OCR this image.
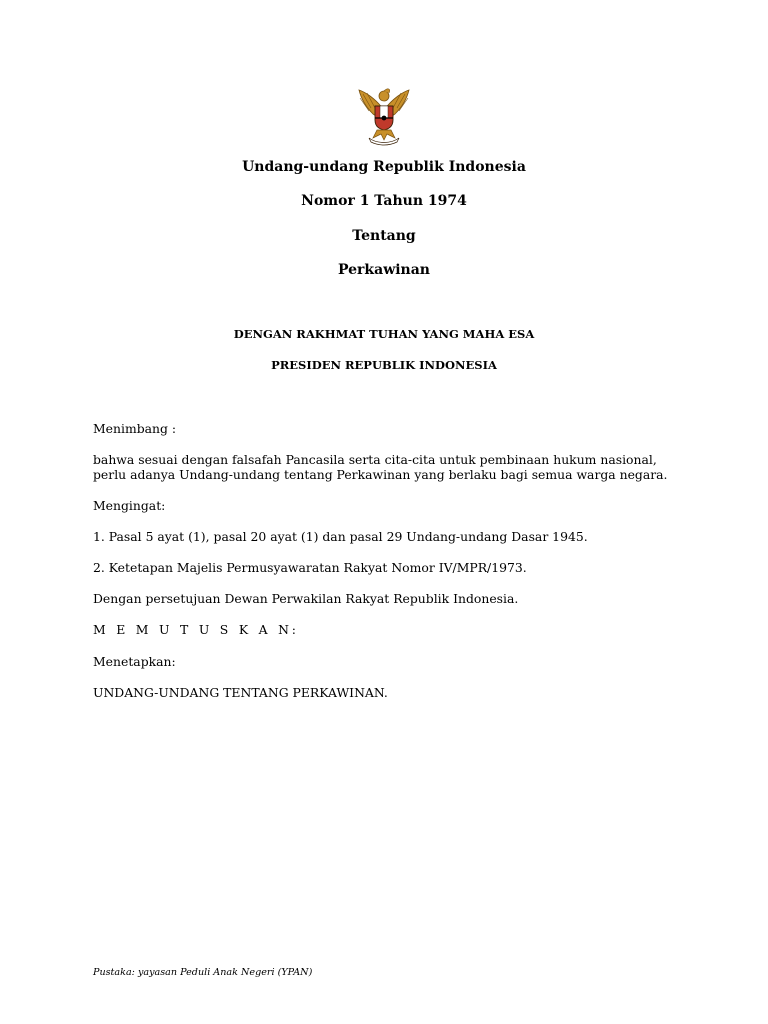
Undang-undang Republik Indonesia
Nomor 1 Tahun 1974
Tentang
Perkawinan
DENGAN RAKHMAT TUHAN YANG MAHA ESA
PRESIDEN REPUBLIK INDONESIA
Menimbang :
bahwa sesuai dengan falsafah Pancasila serta cita-cita untuk pembinaan hukum nasional,
perlu adanya Undang-undang tentang Perkawinan yang berlaku bagi semua warga negara.
Mengingat:
1. Pasal 5 ayat (1), pasal 20 ayat (1) dan pasal 29 Undang-undang Dasar 1945.
2. Ketetapan Majelis Permusyawaratan Rakyat Nomor IV/MPR/1973.
Dengan persetujuan Dewan Perwakilan Rakyat Republik Indonesia.
M E M U T U S K A N:
Menetapkan:
UNDANG-UNDANG TENTANG PERKAWINAN.
Pustaka: yayasan Peduli Anak Negeri (YPAN)
